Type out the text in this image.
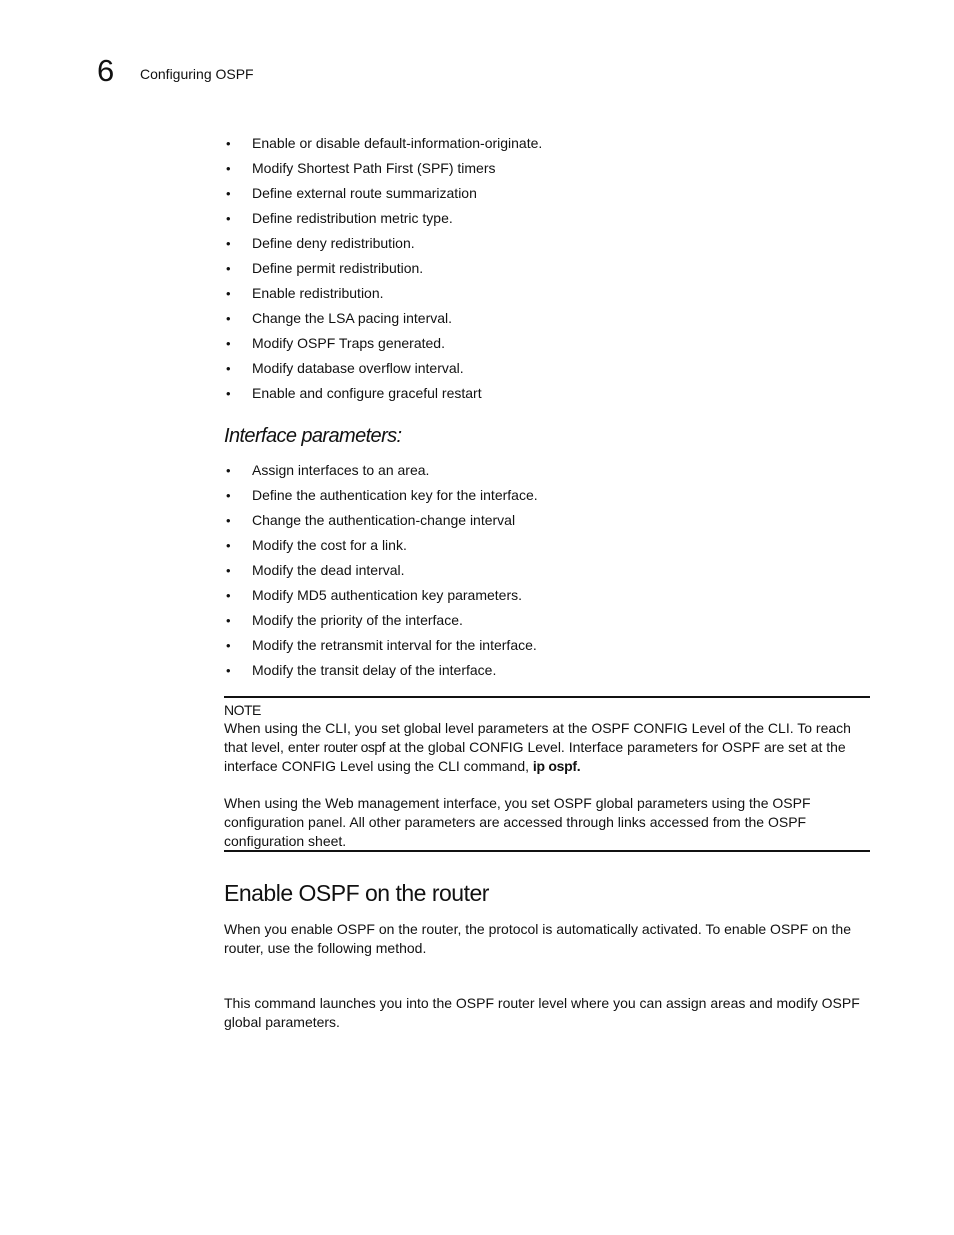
6 Configuring OSPF
• Enable or disable default-information-originate.
• Modify Shortest Path First (SPF) timers
• Define external route summarization
• Define redistribution metric type.
• Define deny redistribution.
• Define permit redistribution.
• Enable redistribution.
• Change the LSA pacing interval.
• Modify OSPF Traps generated.
• Modify database overflow interval.
• Enable and configure graceful restart
Interface parameters:
• Assign interfaces to an area.
• Define the authentication key for the interface.
• Change the authentication-change interval
• Modify the cost for a link.
• Modify the dead interval.
• Modify MD5 authentication key parameters.
• Modify the priority of the interface.
• Modify the retransmit interval for the interface.
• Modify the transit delay of the interface.

NOTE

When using the CLI, you set global level parameters at the OSPF CONFIG Level of the CLI. To reach that level, enter router ospf at the global CONFIG Level. Interface parameters for OSPF are set at the interface CONFIG Level using the CLI command, ip ospf.

When using the Web management interface, you set OSPF global parameters using the OSPF configuration panel. All other parameters are accessed through links accessed from the OSPF configuration sheet.

Enable OSPF on the router

When you enable OSPF on the router, the protocol is automatically activated. To enable OSPF on the router, use the following method.

This command launches you into the OSPF router level where you can assign areas and modify OSPF global parameters.
